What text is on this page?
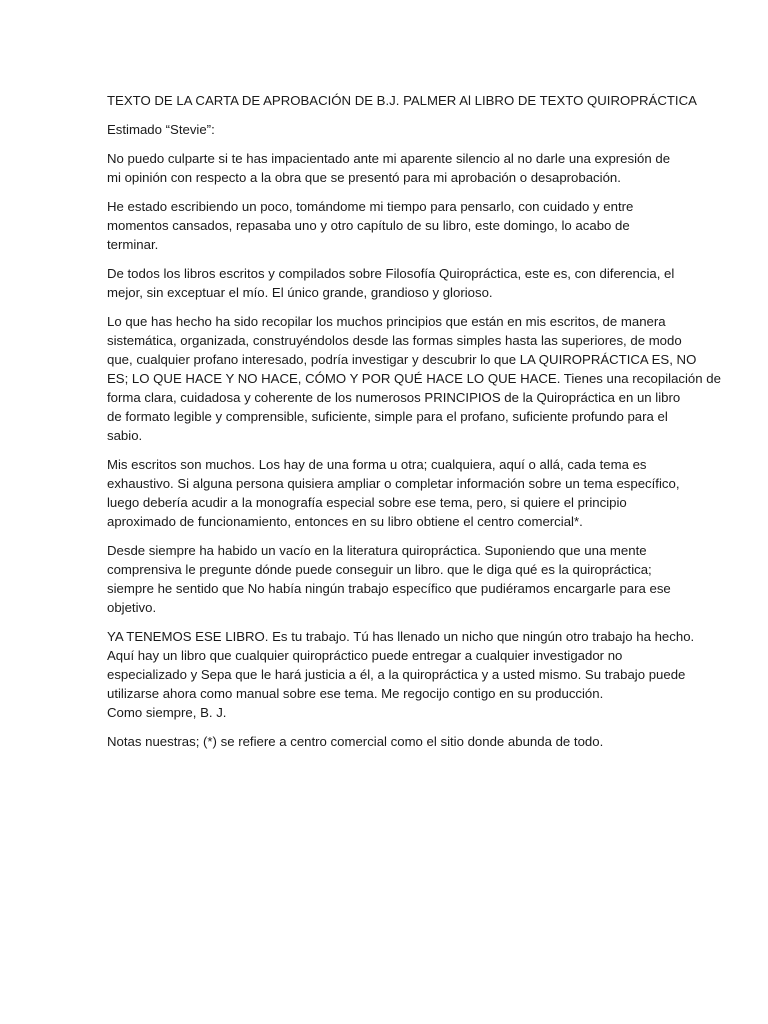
TEXTO DE LA CARTA DE APROBACIÓN DE B.J. PALMER Al LIBRO DE TEXTO QUIROPRÁCTICA

Estimado “Stevie”:

No puedo culparte si te has impacientado ante mi aparente silencio al no darle una expresión de
mi opinión con respecto a la obra que se presentó para mi aprobación o desaprobación.

He estado escribiendo un poco, tomándome mi tiempo para pensarlo, con cuidado y entre
momentos cansados, repasaba uno y otro capítulo de su libro, este domingo, lo acabo de
terminar.

De todos los libros escritos y compilados sobre Filosofía Quiropráctica, este es, con diferencia, el
mejor, sin exceptuar el mío. El único grande, grandioso y glorioso.

Lo que has hecho ha sido recopilar los muchos principios que están en mis escritos, de manera
sistemática, organizada, construyéndolos desde las formas simples hasta las superiores, de modo
que, cualquier profano interesado, podría investigar y descubrir lo que LA QUIROPRÁCTICA ES, NO
ES; LO QUE HACE Y NO HACE, CÓMO Y POR QUÉ HACE LO QUE HACE. Tienes una recopilación de
forma clara, cuidadosa y coherente de los numerosos PRINCIPIOS de la Quiropráctica en un libro
de formato legible y comprensible, suficiente, simple para el profano, suficiente profundo para el
sabio.

Mis escritos son muchos. Los hay de una forma u otra; cualquiera, aquí o allá, cada tema es
exhaustivo. Si alguna persona quisiera ampliar o completar información sobre un tema específico,
luego debería acudir a la monografía especial sobre ese tema, pero, si quiere el principio
aproximado de funcionamiento, entonces en su libro obtiene el centro comercial*.

Desde siempre ha habido un vacío en la literatura quiropráctica. Suponiendo que una mente
comprensiva le pregunte dónde puede conseguir un libro. que le diga qué es la quiropráctica;
siempre he sentido que No había ningún trabajo específico que pudiéramos encargarle para ese
objetivo.

YA TENEMOS ESE LIBRO. Es tu trabajo. Tú has llenado un nicho que ningún otro trabajo ha hecho.
Aquí hay un libro que cualquier quiropráctico puede entregar a cualquier investigador no
especializado y Sepa que le hará justicia a él, a la quiropráctica y a usted mismo. Su trabajo puede
utilizarse ahora como manual sobre ese tema. Me regocijo contigo en su producción.
Como siempre, B. J.

Notas nuestras; (*) se refiere a centro comercial como el sitio donde abunda de todo.
